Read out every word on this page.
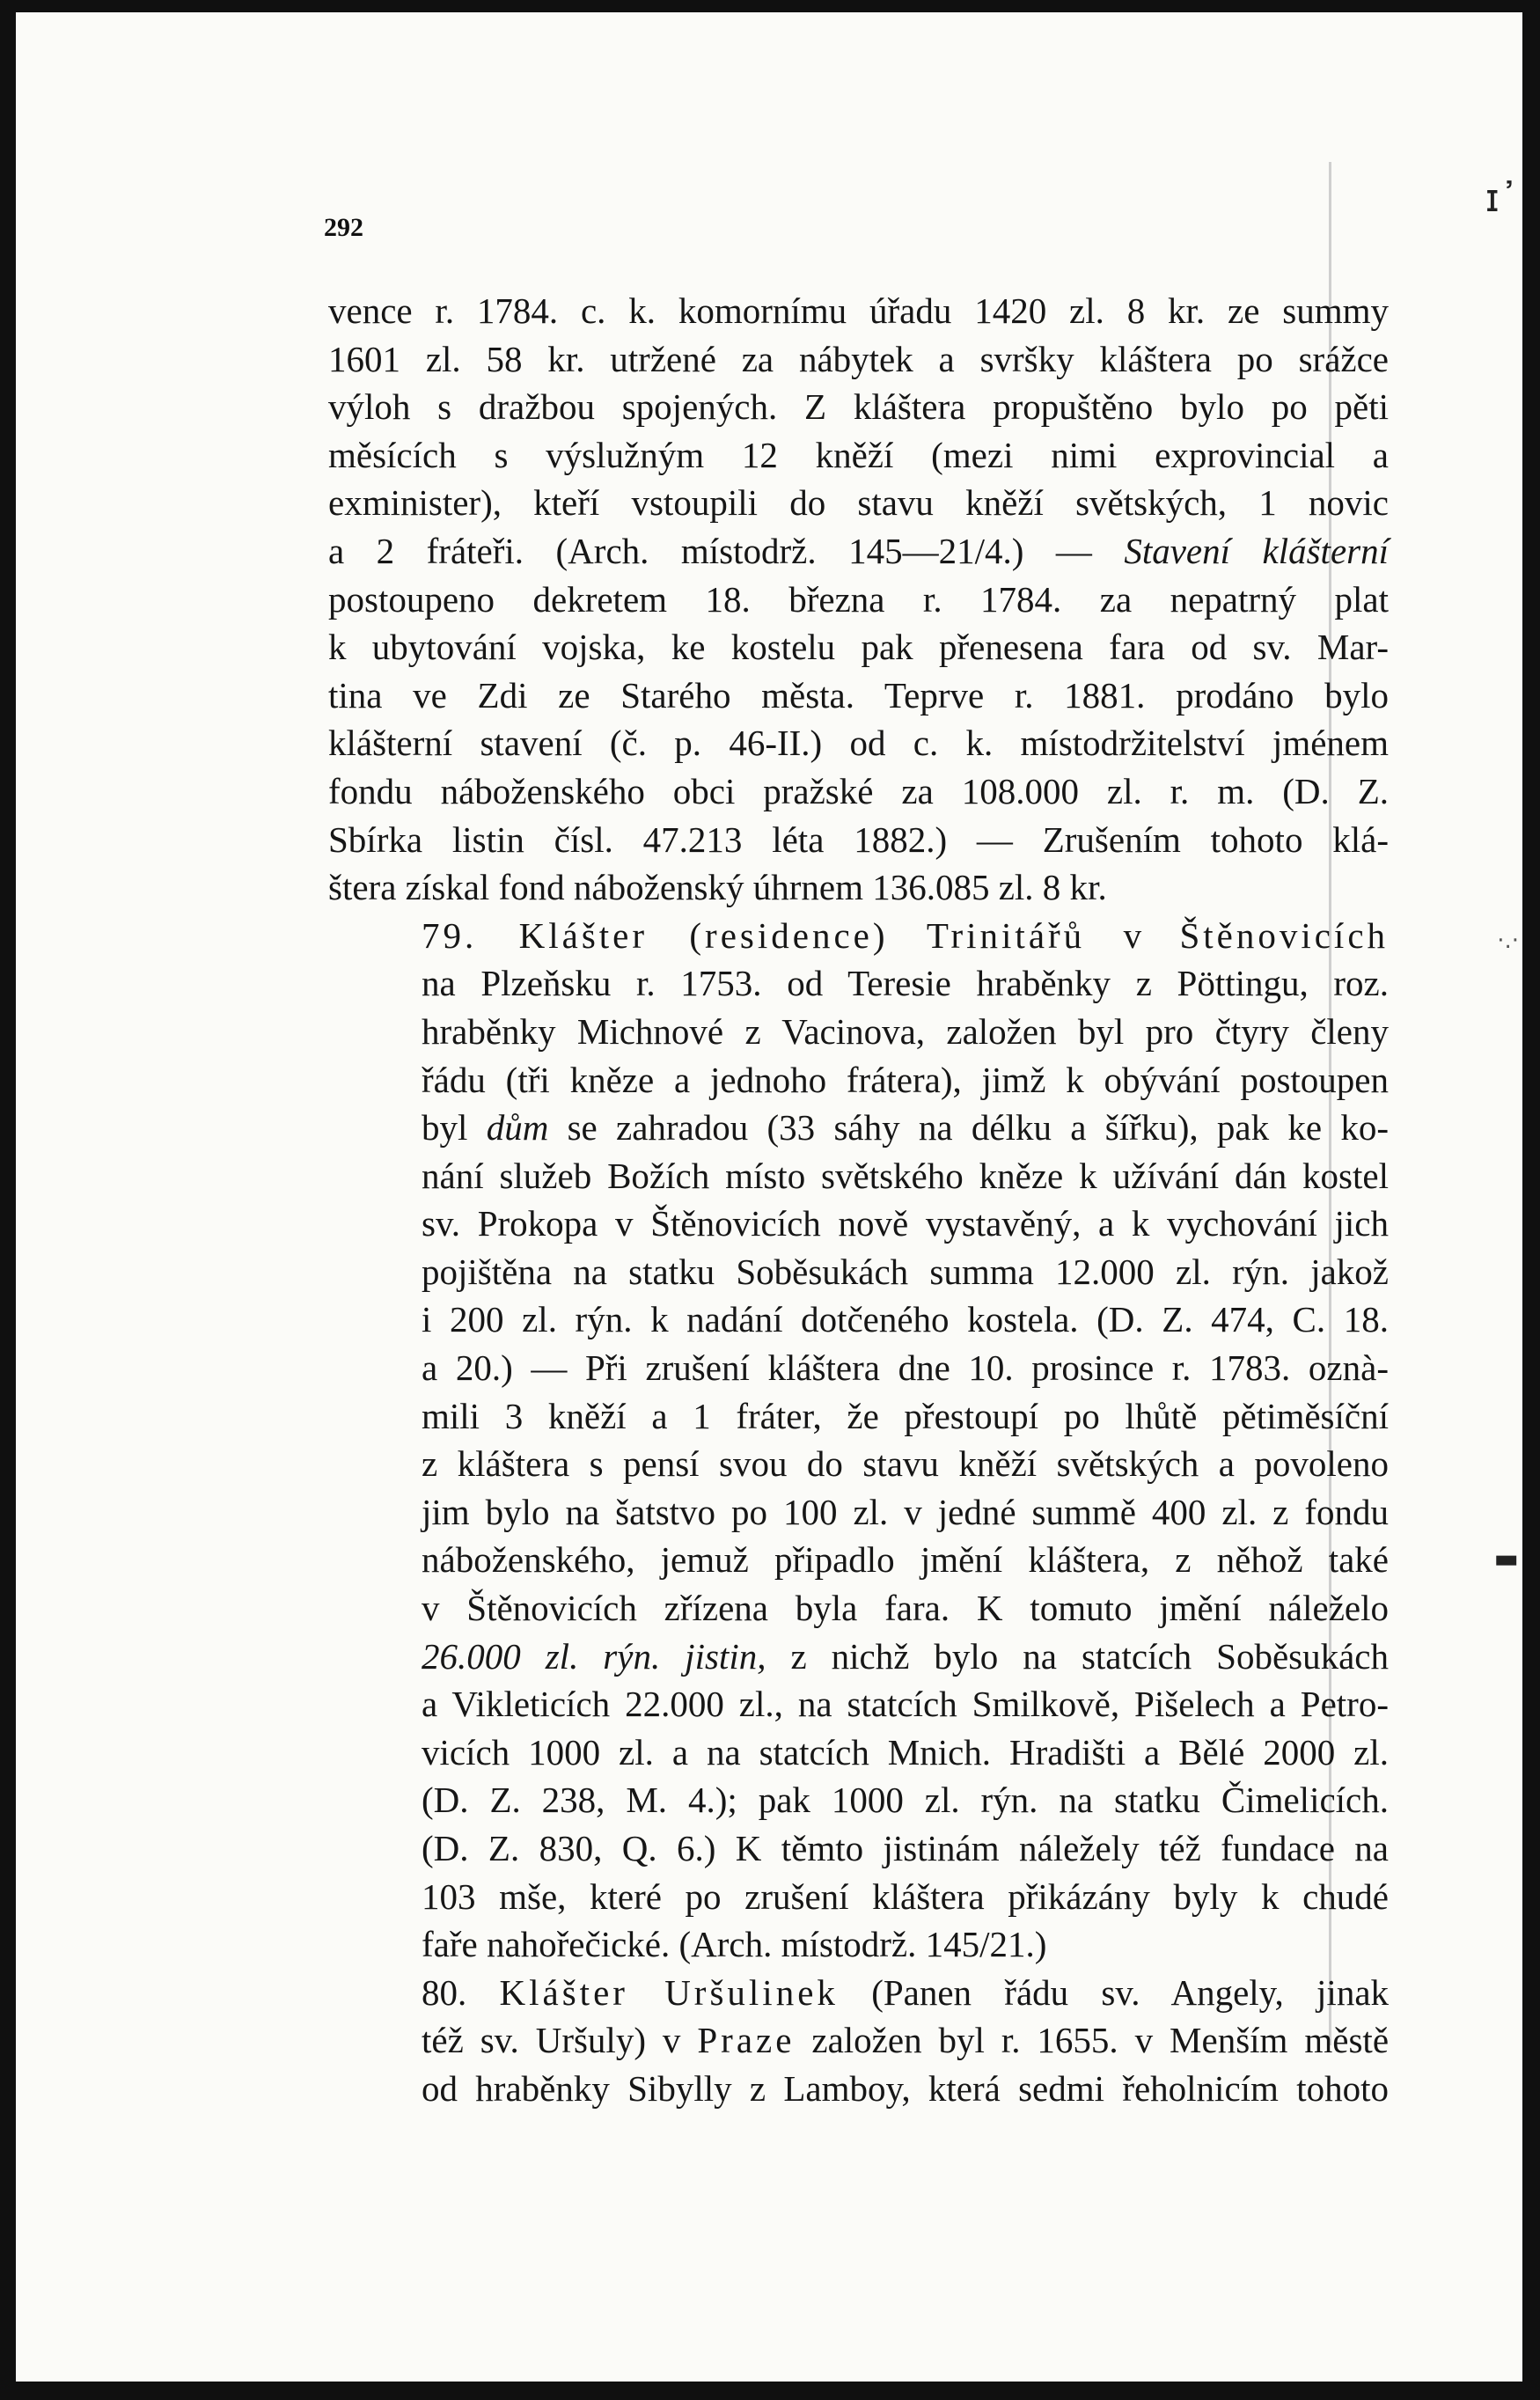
292
ɪ᾿
·.·
▬

vence r. 1784. c. k. komornímu úřadu 1420 zl. 8 kr. ze summy
1601 zl. 58 kr. utržené za nábytek a svršky kláštera po srážce
výloh s dražbou spojených. Z kláštera propuštěno bylo po pěti
měsících s výslužným 12 kněží (mezi nimi exprovincial a
exminister), kteří vstoupili do stavu kněží světských, 1 novic
a 2 fráteři. (Arch. místodrž. 145—21/4.) — Stavení klášterní
postoupeno dekretem 18. března r. 1784. za nepatrný plat
k ubytování vojska, ke kostelu pak přenesena fara od sv. Mar-
tina ve Zdi ze Starého města. Teprve r. 1881. prodáno bylo
klášterní stavení (č. p. 46-II.) od c. k. místodržitelství jménem
fondu náboženského obci pražské za 108.000 zl. r. m. (D. Z.
Sbírka listin čísl. 47.213 léta 1882.) — Zrušením tohoto klá-
štera získal fond náboženský úhrnem 136.085 zl. 8 kr.

79. Klášter (residence) Trinitářů v Štěnovicích
na Plzeňsku r. 1753. od Teresie hraběnky z Pöttingu, roz.
hraběnky Michnové z Vacinova, založen byl pro čtyry členy
řádu (tři kněze a jednoho frátera), jimž k obývání postoupen
byl dům se zahradou (33 sáhy na délku a šířku), pak ke ko-
nání služeb Božích místo světského kněze k užívání dán kostel
sv. Prokopa v Štěnovicích nově vystavěný, a k vychování jich
pojištěna na statku Soběsukách summa 12.000 zl. rýn. jakož
i 200 zl. rýn. k nadání dotčeného kostela. (D. Z. 474, C. 18.
a 20.) — Při zrušení kláštera dne 10. prosince r. 1783. oznà-
mili 3 kněží a 1 fráter, že přestoupí po lhůtě pětiměsíční
z kláštera s pensí svou do stavu kněží světských a povoleno
jim bylo na šatstvo po 100 zl. v jedné summě 400 zl. z fondu
náboženského, jemuž připadlo jmění kláštera, z něhož také
v Štěnovicích zřízena byla fara. K tomuto jmění náleželo
26.000 zl. rýn. jistin, z nichž bylo na statcích Soběsukách
a Vikleticích 22.000 zl., na statcích Smilkově, Pišelech a Petro-
vicích 1000 zl. a na statcích Mnich. Hradišti a Bělé 2000 zl.
(D. Z. 238, M. 4.); pak 1000 zl. rýn. na statku Čimelicích.
(D. Z. 830, Q. 6.) K těmto jistinám náležely též fundace na
103 mše, které po zrušení kláštera přikázány byly k chudé
faře nahořečické. (Arch. místodrž. 145/21.)

80. Klášter Uršulinek (Panen řádu sv. Angely, jinak
též sv. Uršuly) v Praze založen byl r. 1655. v Menším městě
od hraběnky Sibylly z Lamboy, která sedmi řeholnicím tohoto
